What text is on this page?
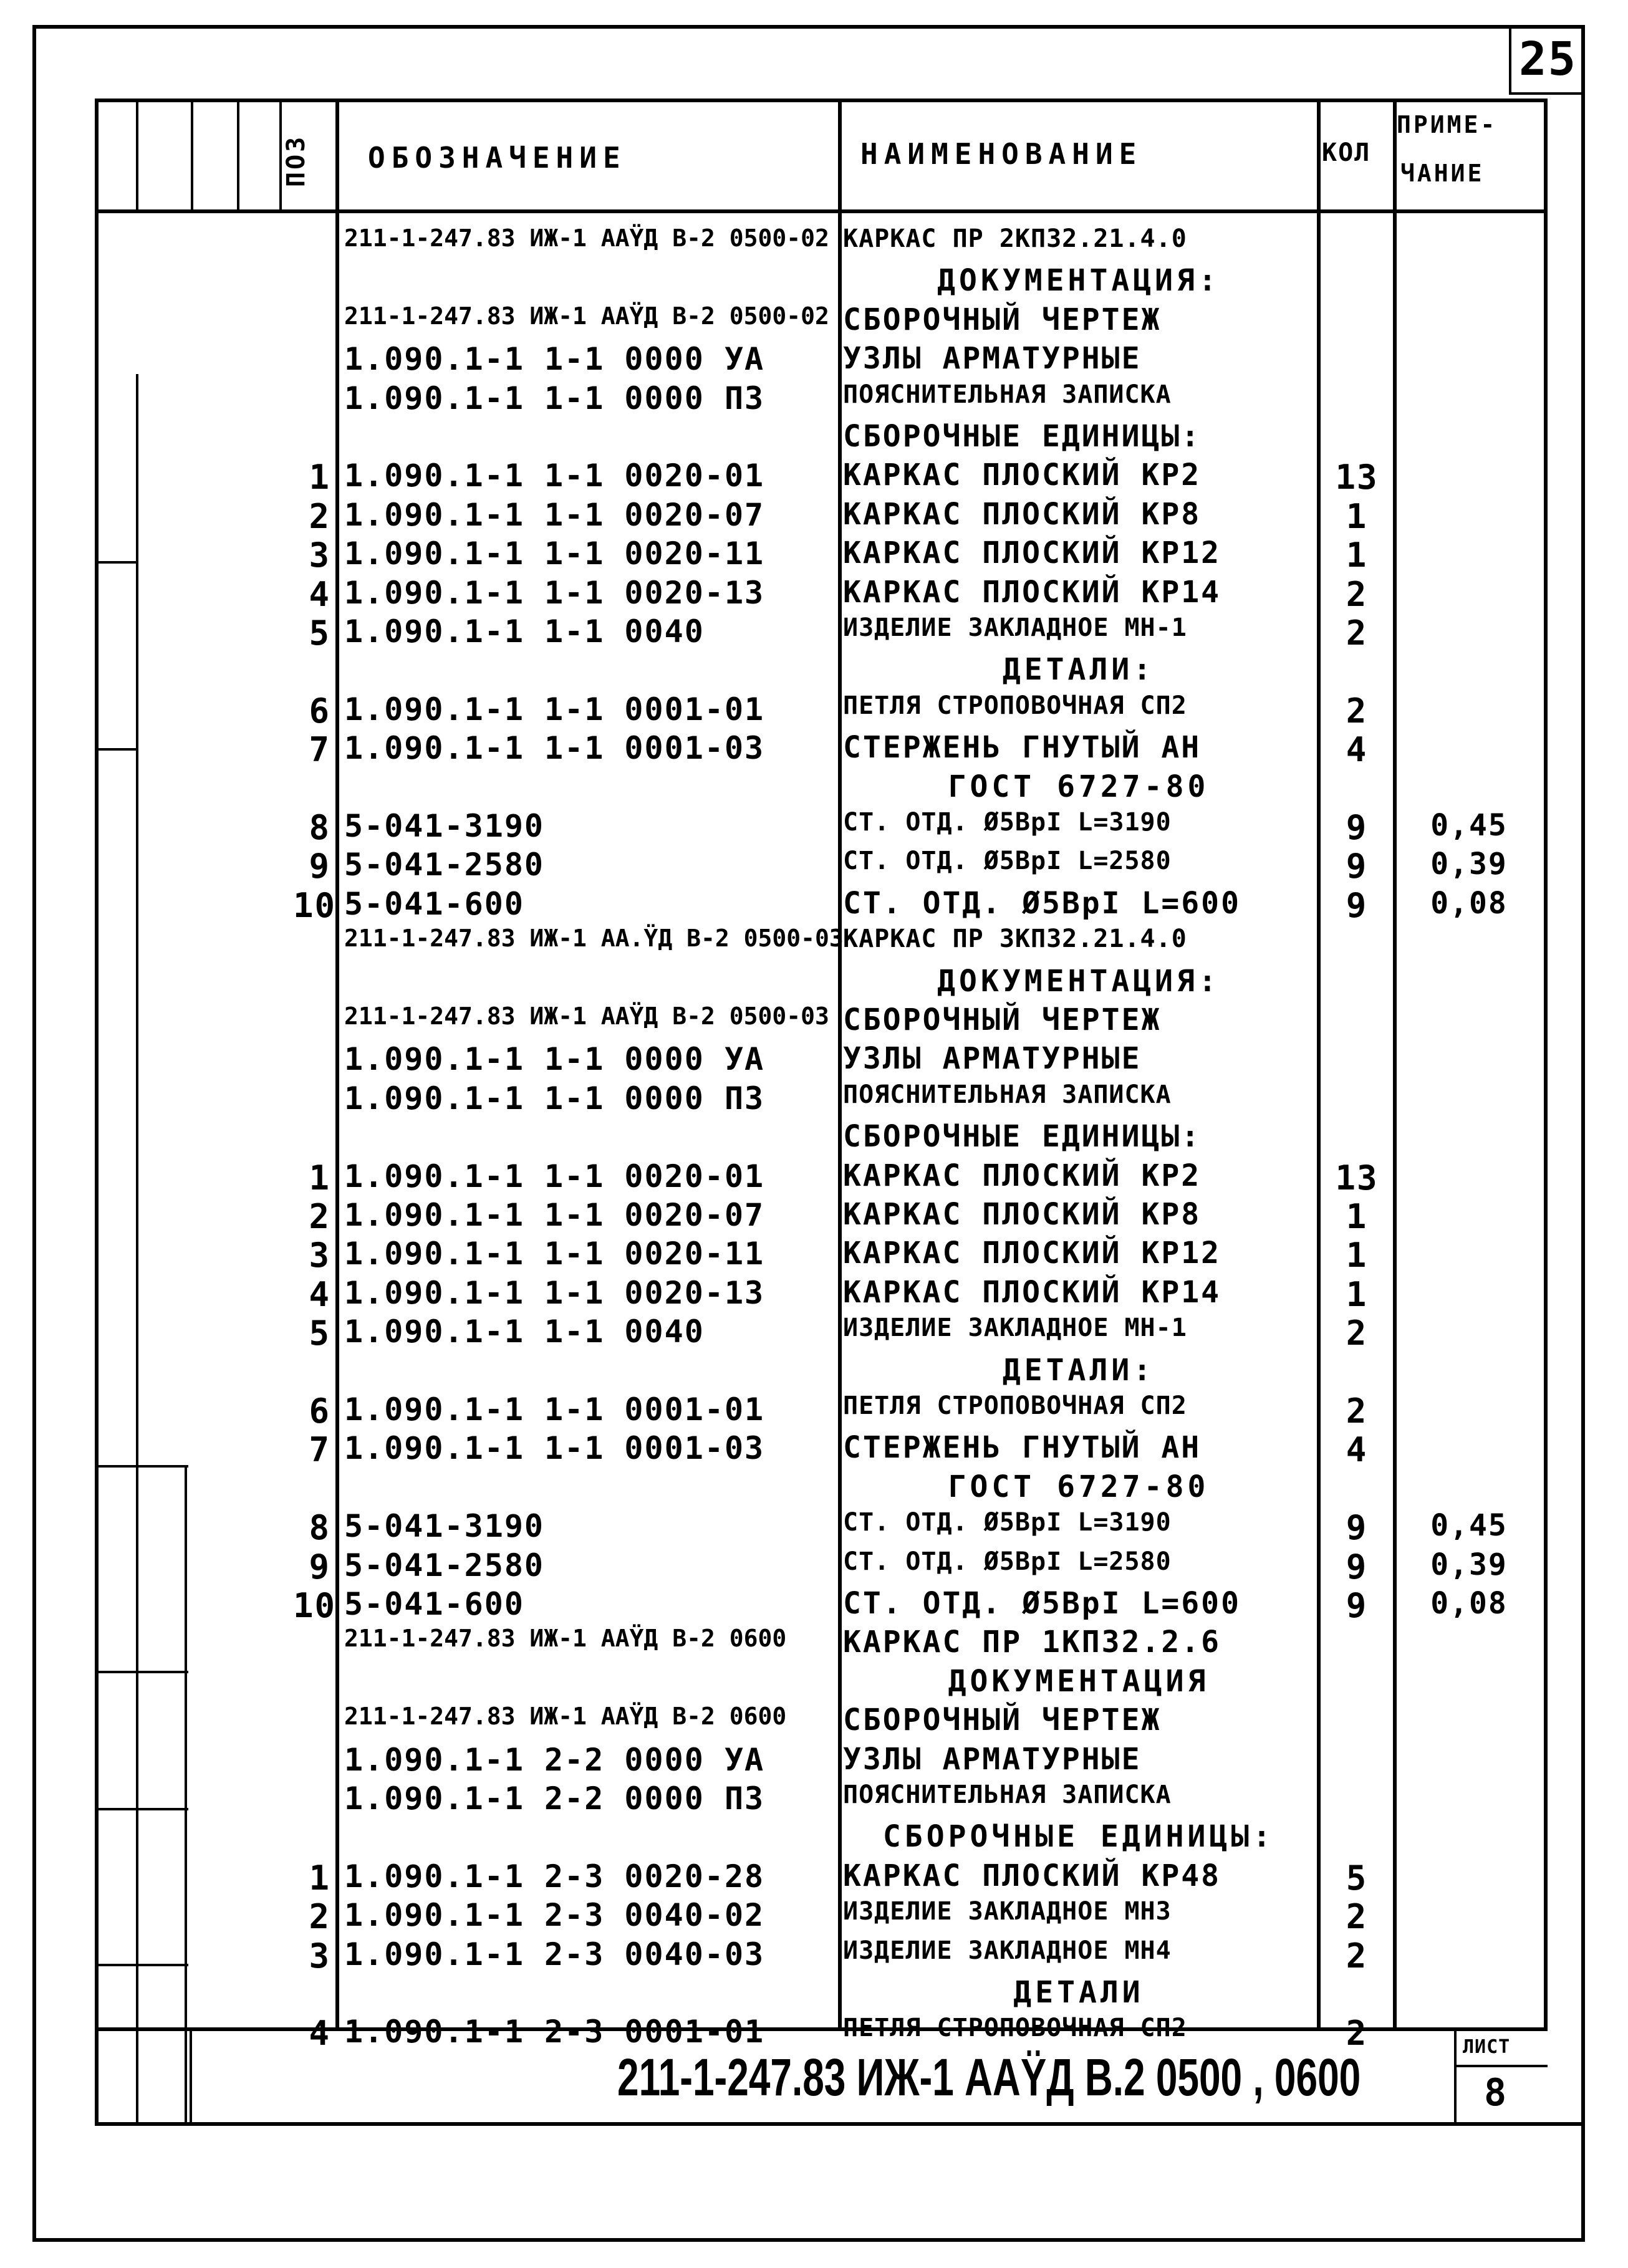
25
ПОЗ ОБОЗНАЧЕНИЕ	НАИМЕНОВАНИЕ	КОЛ
ПРИМЕ-
ЧАНИЕ
211-1-247.83 ИЖ-1 ААŸД В-2 0500-02 КАРКАС ПР 2КП32.21.4.0
ДОКУМЕНТАЦИЯ:
211-1-247.83 ИЖ-1 ААŸД В-2 0500-02 СБОРОЧНЫЙ ЧЕРТЕЖ
1.090.1-1 1-1 0000 УА	УЗЛЫ АРМАТУРНЫЕ
1.090.1-1 1-1 0000 ПЗ	ПОЯСНИТЕЛЬНАЯ ЗАПИСКА
СБОРОЧНЫЕ ЕДИНИЦЫ:
1 1.090.1-1 1-1 0020-01	КАРКАС ПЛОСКИЙ КР2	13
2 1.090.1-1 1-1 0020-07	КАРКАС ПЛОСКИЙ КР8	1
3 1.090.1-1 1-1 0020-11	КАРКАС ПЛОСКИЙ КР12	1
4 1.090.1-1 1-1 0020-13	КАРКАС ПЛОСКИЙ КР14	2
5 1.090.1-1 1-1 0040	ИЗДЕЛИЕ ЗАКЛАДНОЕ МН-1	2
ДЕТАЛИ:
6 1.090.1-1 1-1 0001-01	ПЕТЛЯ СТРОПОВОЧНАЯ СП2	2
7 1.090.1-1 1-1 0001-03	СТЕРЖЕНЬ ГНУТЫЙ АН	4
ГОСТ 6727-80
8 5-041-3190	СТ. ОТД. Ø5ВрI L=3190	9	0,45
9 5-041-2580	СТ. ОТД. Ø5ВрI L=2580	9	0,39
10 5-041-600	СТ. ОТД. Ø5ВрI L=600	9	0,08
211-1-247.83 ИЖ-1 АА.ŸД В-2 0500-03 КАРКАС ПР 3КП32.21.4.0
ДОКУМЕНТАЦИЯ:
211-1-247.83 ИЖ-1 ААŸД В-2 0500-03 СБОРОЧНЫЙ ЧЕРТЕЖ
1.090.1-1 1-1 0000 УА	УЗЛЫ АРМАТУРНЫЕ
1.090.1-1 1-1 0000 ПЗ	ПОЯСНИТЕЛЬНАЯ ЗАПИСКА
СБОРОЧНЫЕ ЕДИНИЦЫ:
1 1.090.1-1 1-1 0020-01	КАРКАС ПЛОСКИЙ КР2	13
2 1.090.1-1 1-1 0020-07	КАРКАС ПЛОСКИЙ КР8	1
3 1.090.1-1 1-1 0020-11	КАРКАС ПЛОСКИЙ КР12	1
4 1.090.1-1 1-1 0020-13	КАРКАС ПЛОСКИЙ КР14	1
5 1.090.1-1 1-1 0040	ИЗДЕЛИЕ ЗАКЛАДНОЕ МН-1	2
ДЕТАЛИ:
6 1.090.1-1 1-1 0001-01	ПЕТЛЯ СТРОПОВОЧНАЯ СП2	2
7 1.090.1-1 1-1 0001-03	СТЕРЖЕНЬ ГНУТЫЙ АН	4
ГОСТ 6727-80
8 5-041-3190	СТ. ОТД. Ø5ВрI L=3190	9	0,45
9 5-041-2580	СТ. ОТД. Ø5ВрI L=2580	9	0,39
10 5-041-600	СТ. ОТД. Ø5ВрI L=600	9	0,08
211-1-247.83 ИЖ-1 ААŸД В-2 0600 КАРКАС ПР 1КП32.2.6
ДОКУМЕНТАЦИЯ
211-1-247.83 ИЖ-1 ААŸД В-2 0600 СБОРОЧНЫЙ ЧЕРТЕЖ
1.090.1-1 2-2 0000 УА	УЗЛЫ АРМАТУРНЫЕ
1.090.1-1 2-2 0000 ПЗ	ПОЯСНИТЕЛЬНАЯ ЗАПИСКА
СБОРОЧНЫЕ ЕДИНИЦЫ:
1 1.090.1-1 2-3 0020-28	КАРКАС ПЛОСКИЙ КР48	5
2 1.090.1-1 2-3 0040-02	ИЗДЕЛИЕ ЗАКЛАДНОЕ МН3	2
3 1.090.1-1 2-3 0040-03	ИЗДЕЛИЕ ЗАКЛАДНОЕ МН4	2
ДЕТАЛИ
4 1.090.1-1 2-3 0001-01	ПЕТЛЯ СТРОПОВОЧНАЯ СП2	2
211-1-247.83 ИЖ-1 ААŸД В.2 0500 , 0600
ЛИСТ
8
